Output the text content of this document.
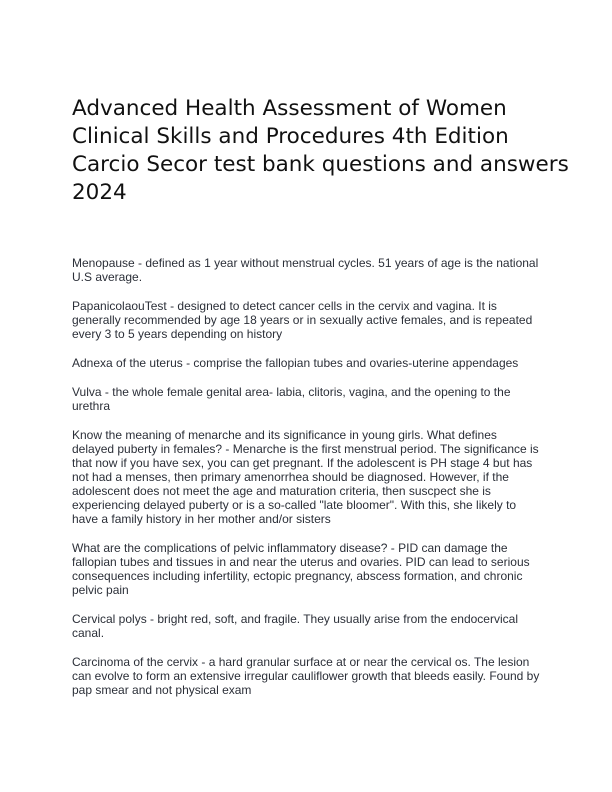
Advanced Health Assessment of Women
Clinical Skills and Procedures 4th Edition
Carcio Secor test bank questions and answers
2024

Menopause - defined as 1 year without menstrual cycles. 51 years of age is the national U.S average.

PapanicolaouTest - designed to detect cancer cells in the cervix and vagina. It is generally recommended by age 18 years or in sexually active females, and is repeated every 3 to 5 years depending on history

Adnexa of the uterus - comprise the fallopian tubes and ovaries-uterine appendages

Vulva - the whole female genital area- labia, clitoris, vagina, and the opening to the urethra

Know the meaning of menarche and its significance in young girls. What defines delayed puberty in females? - Menarche is the first menstrual period. The significance is that now if you have sex, you can get pregnant. If the adolescent is PH stage 4 but has not had a menses, then primary amenorrhea should be diagnosed. However, if the adolescent does not meet the age and maturation criteria, then suscpect she is experiencing delayed puberty or is a so-called "late bloomer". With this, she likely to have a family history in her mother and/or sisters

What are the complications of pelvic inflammatory disease? - PID can damage the fallopian tubes and tissues in and near the uterus and ovaries. PID can lead to serious consequences including infertility, ectopic pregnancy, abscess formation, and chronic pelvic pain

Cervical polys - bright red, soft, and fragile. They usually arise from the endocervical canal.

Carcinoma of the cervix - a hard granular surface at or near the cervical os. The lesion can evolve to form an extensive irregular cauliflower growth that bleeds easily. Found by pap smear and not physical exam
